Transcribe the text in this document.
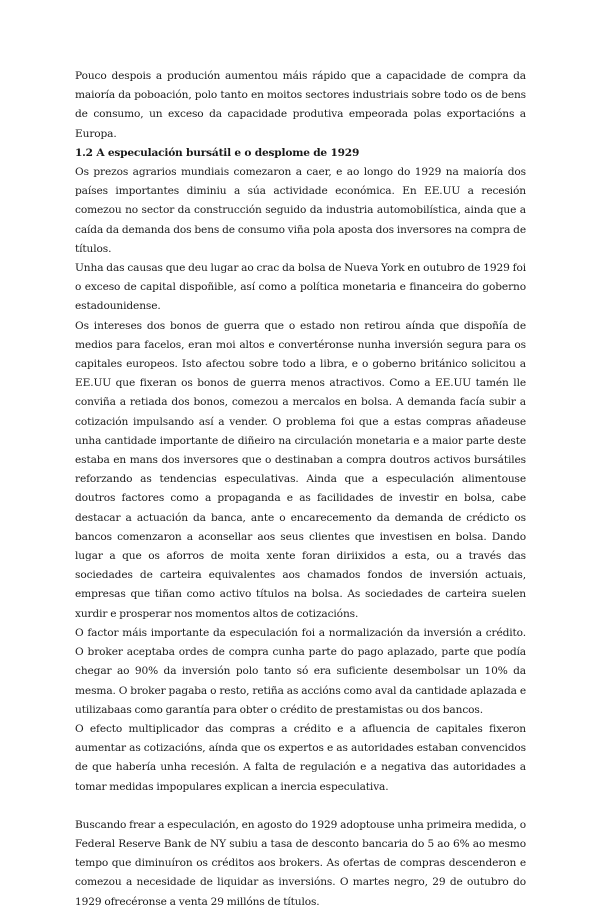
Pouco despois a produción aumentou máis rápido que a capacidade de compra da maioría da poboación, polo tanto en moitos sectores industriais sobre todo os de bens de consumo, un exceso da capacidade produtiva empeorada polas exportacións a Europa.

1.2 A especulación bursátil e o desplome de 1929

Os prezos agrarios mundiais comezaron a caer, e ao longo do 1929 na maioría dos países importantes diminiu a súa actividade económica. En EE.UU a recesión comezou no sector da construcción seguido da industria automobilística, ainda que a caída da demanda dos bens de consumo viña pola aposta dos inversores na compra de títulos.

Unha das causas que deu lugar ao crac da bolsa de Nueva York en outubro de 1929 foi o exceso de capital dispoñible, así como a política monetaria e financeira do goberno estadounidense.

Os intereses dos bonos de guerra que o estado non retirou aínda que dispoñía de medios para facelos, eran moi altos e convertéronse nunha inversión segura para os capitales europeos. Isto afectou sobre todo a libra, e o goberno británico solicitou a EE.UU que fixeran os bonos de guerra menos atractivos. Como a EE.UU tamén lle conviña a retiada dos bonos, comezou a mercalos en bolsa. A demanda facía subir a cotización impulsando así a vender. O problema foi que a estas compras añadeuse unha cantidade importante de diñeiro na circulación monetaria e a maior parte deste estaba en mans dos inversores que o destinaban a compra doutros activos bursátiles reforzando as tendencias especulativas. Ainda que a especulación alimentouse doutros factores como a propaganda e as facilidades de investir en bolsa, cabe destacar a actuación da banca, ante o encarecemento da demanda de crédicto os bancos comenzaron a aconsellar aos seus clientes que investisen en bolsa. Dando lugar a que os aforros de moita xente foran diriixidos a esta, ou a través das sociedades de carteira equivalentes aos chamados fondos de inversión actuais, empresas que tiñan como activo títulos na bolsa. As sociedades de carteira suelen xurdir e prosperar nos momentos altos de cotizacións.

O factor máis importante da especulación foi a normalización da inversión a crédito. O broker aceptaba ordes de compra cunha parte do pago aplazado, parte que podía chegar ao 90% da inversión polo tanto só era suficiente desembolsar un 10% da mesma. O broker pagaba o resto, retiña as accións como aval da cantidade aplazada e utilizabaas como garantía para obter o crédito de prestamistas ou dos bancos.

O efecto multiplicador das compras a crédito e a afluencia de capitales fixeron aumentar as cotizacións, aínda que os expertos e as autoridades estaban convencidos de que habería unha recesión. A falta de regulación e a negativa das autoridades a tomar medidas impopulares explican a inercia especulativa.

Buscando frear a especulación, en agosto do 1929 adoptouse unha primeira medida, o Federal Reserve Bank de NY subiu a tasa de desconto bancaria do 5 ao 6% ao mesmo tempo que diminuíron os créditos aos brokers. As ofertas de compras descenderon e comezou a necesidade de liquidar as inversións. O martes negro, 29 de outubro do 1929 ofrecéronse a venta 29 millóns de títulos.
